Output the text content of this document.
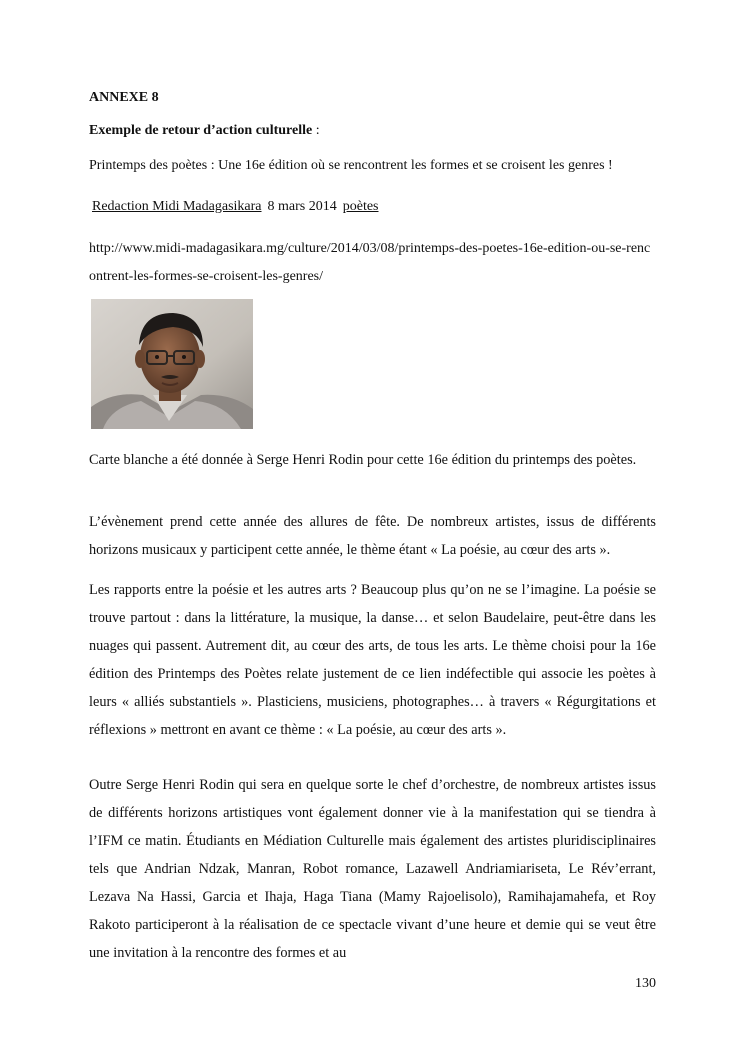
ANNEXE 8

Exemple de retour d’action culturelle :

Printemps des poètes : Une 16e édition où se rencontrent les formes et se croisent les genres !

Redaction Midi Madagasikara 8 mars 2014 poètes

http://www.midi-madagasikara.mg/culture/2014/03/08/printemps-des-poetes-16e-edition-ou-se-rencontrent-les-formes-se-croisent-les-genres/

Carte blanche a été donnée à Serge Henri Rodin pour cette 16e édition du printemps des poètes.

L’évènement prend cette année des allures de fête. De nombreux artistes, issus de différents horizons musicaux y participent cette année, le thème étant « La poésie, au cœur des arts ».

Les rapports entre la poésie et les autres arts ? Beaucoup plus qu’on ne se l’imagine. La poésie se trouve partout : dans la littérature, la musique, la danse… et selon Baudelaire, peut-être dans les nuages qui passent. Autrement dit, au cœur des arts, de tous les arts. Le thème choisi pour la 16e édition des Printemps des Poètes relate justement de ce lien indéfectible qui associe les poètes à leurs « alliés substantiels ». Plasticiens, musiciens, photographes… à travers « Régurgitations et réflexions » mettront en avant ce thème : « La poésie, au cœur des arts ».

Outre Serge Henri Rodin qui sera en quelque sorte le chef d’orchestre, de nombreux artistes issus de différents horizons artistiques vont également donner vie à la manifestation qui se tiendra à l’IFM ce matin. Étudiants en Médiation Culturelle mais également des artistes pluridisciplinaires tels que Andrian Ndzak, Manran, Robot romance, Lazawell Andriamiariseta, Le Rév’errant, Lezava Na Hassi, Garcia et Ihaja, Haga Tiana (Mamy Rajoelisolo), Ramihajamahefa, et Roy Rakoto participeront à la réalisation de ce spectacle vivant d’une heure et demie qui se veut être une invitation à la rencontre des formes et au

130
